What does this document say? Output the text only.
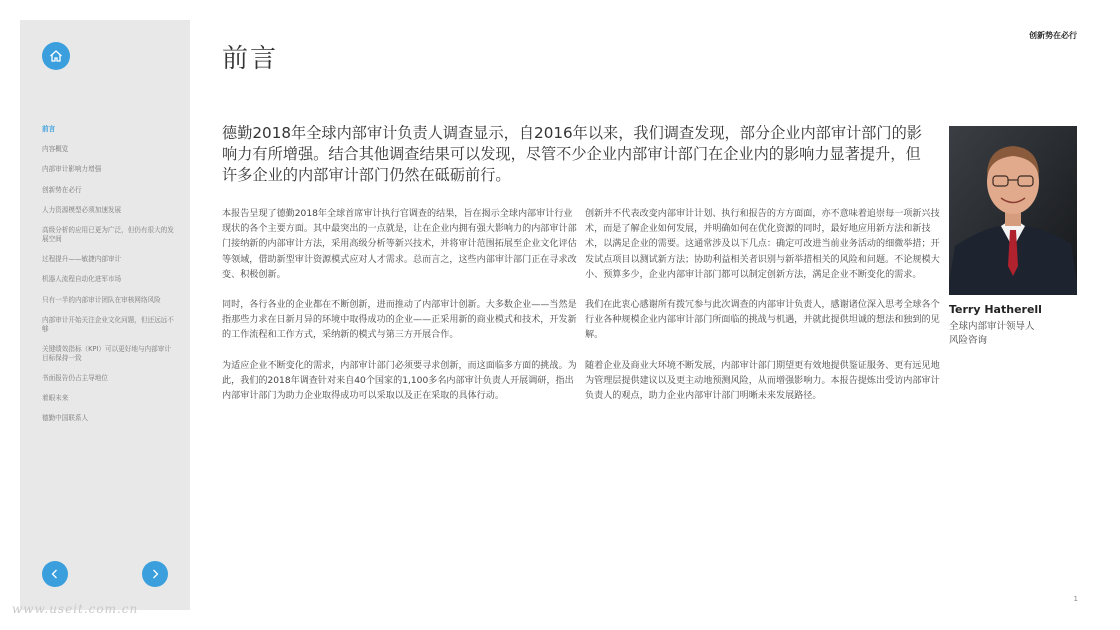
前言
内容概览
内部审计影响力增强
创新势在必行
人力资源模型必须加速发展
高级分析的应用已更为广泛，但仍有很大的发展空间
过程提升——敏捷内部审计
机器人流程自动化进军市场
只有一半的内部审计团队在审核网络风险
内部审计开始关注企业文化问题，但还远远不够
关键绩效指标（KPI）可以更好地与内部审计目标保持一致
书面报告仍占主导地位
着眼未来
德勤中国联系人
www.useit.com.cn
前言
创新势在必行

德勤2018年全球内部审计负责人调查显示，自2016年以来，我们调查发现，部分企业内部审计部门的影响力有所增强。结合其他调查结果可以发现，尽管不少企业内部审计部门在企业内的影响力显著提升，但许多企业的内部审计部门仍然在砥砺前行。

本报告呈现了德勤2018年全球首席审计执行官调查的结果，旨在揭示全球内部审计行业现状的各个主要方面。其中最突出的一点就是，让在企业内拥有强大影响力的内部审计部门接纳新的内部审计方法，采用高级分析等新兴技术，并将审计范围拓展至企业文化评估等领域，借助新型审计资源模式应对人才需求。总而言之，这些内部审计部门正在寻求改变、积极创新。

同时，各行各业的企业都在不断创新，进而推动了内部审计创新。大多数企业——当然是指那些力求在日新月异的环境中取得成功的企业——正采用新的商业模式和技术，开发新的工作流程和工作方式，采纳新的模式与第三方开展合作。

为适应企业不断变化的需求，内部审计部门必须要寻求创新，而这面临多方面的挑战。为此，我们的2018年调查针对来自40个国家的1,100多名内部审计负责人开展调研，指出内部审计部门为助力企业取得成功可以采取以及正在采取的具体行动。

创新并不代表改变内部审计计划、执行和报告的方方面面，亦不意味着追崇每一项新兴技术，而是了解企业如何发展，并明确如何在优化资源的同时，最好地应用新方法和新技术，以满足企业的需要。这通常涉及以下几点：确定可改进当前业务活动的细微举措；开发试点项目以测试新方法；协助利益相关者识别与新举措相关的风险和问题。不论规模大小、预算多少，企业内部审计部门都可以制定创新方法，满足企业不断变化的需求。

我们在此衷心感谢所有拨冗参与此次调查的内部审计负责人，感谢诸位深入思考全球各个行业各种规模企业内部审计部门所面临的挑战与机遇，并就此提供坦诚的想法和独到的见解。

随着企业及商业大环境不断发展，内部审计部门期望更有效地提供鉴证服务、更有远见地为管理层提供建议以及更主动地预测风险，从而增强影响力。本报告提炼出受访内部审计负责人的观点，助力企业内部审计部门明晰未来发展路径。

Terry Hatherell
全球内部审计领导人
风险咨询
1
